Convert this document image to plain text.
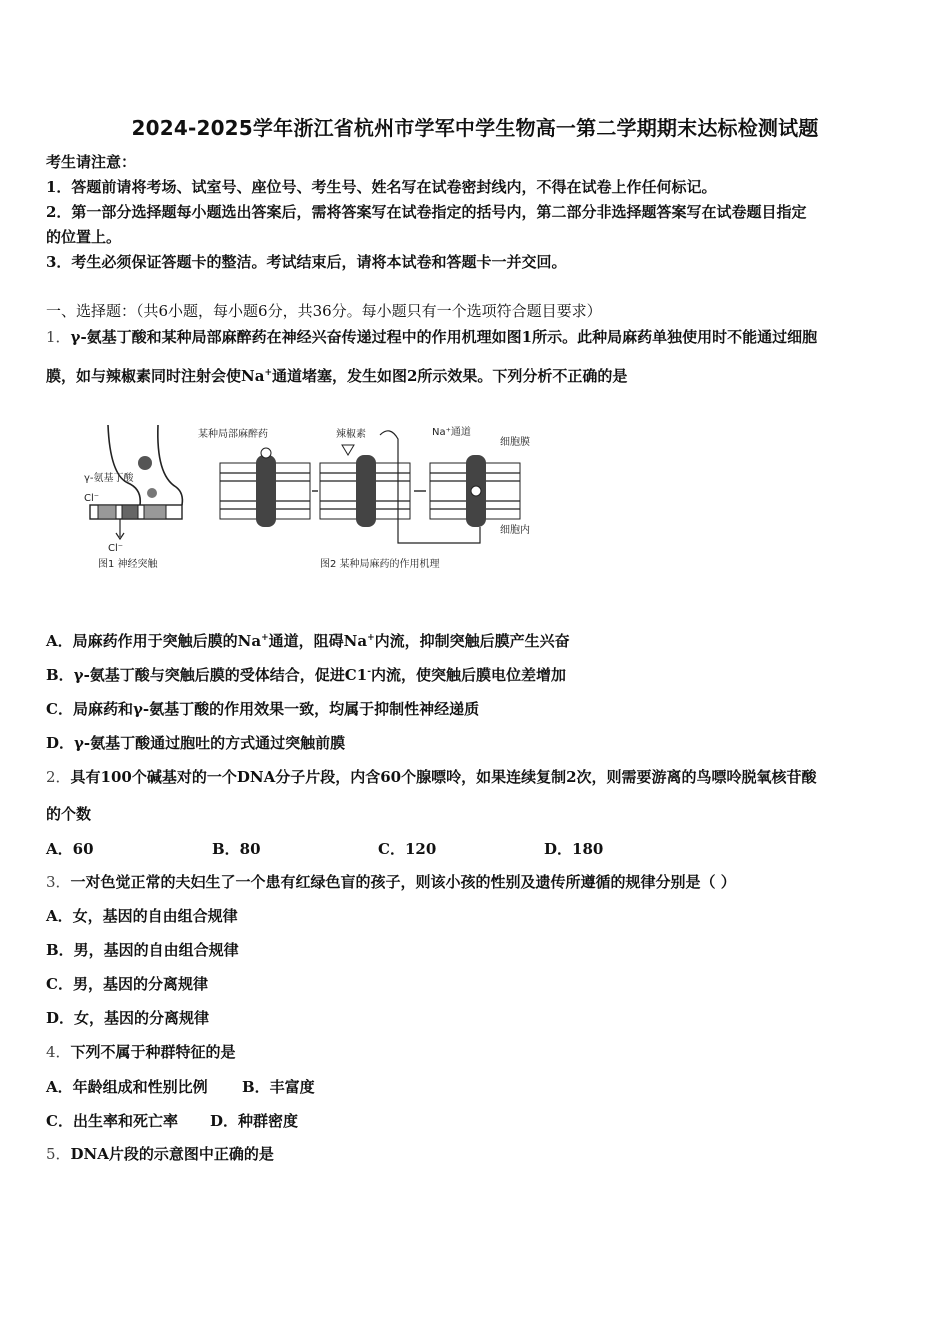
2024-2025学年浙江省杭州市学军中学生物高一第二学期期末达标检测试题
考生请注意：
1．答题前请将考场、试室号、座位号、考生号、姓名写在试卷密封线内，不得在试卷上作任何标记。
2．第一部分选择题每小题选出答案后，需将答案写在试卷指定的括号内，第二部分非选择题答案写在试卷题目指定
的位置上。
3．考生必须保证答题卡的整洁。考试结束后，请将本试卷和答题卡一并交回。
一、选择题：（共6小题，每小题6分，共36分。每小题只有一个选项符合题目要求）
1．γ-氨基丁酸和某种局部麻醉药在神经兴奋传递过程中的作用机理如图1所示。此种局麻药单独使用时不能通过细胞
膜，如与辣椒素同时注射会使Na+通道堵塞，发生如图2所示效果。下列分析不正确的是
γ-氨基丁酸
Cl⁻
Cl⁻
图1 神经突触
某种局部麻醉药	辣椒素	Na⁺通道
细胞膜
细胞内
图2 某种局麻药的作用机理
A．局麻药作用于突触后膜的Na+通道，阻碍Na+内流，抑制突触后膜产生兴奋
B．γ-氨基丁酸与突触后膜的受体结合，促进C1-内流，使突触后膜电位差增加
C．局麻药和γ-氨基丁酸的作用效果一致，均属于抑制性神经递质
D．γ-氨基丁酸通过胞吐的方式通过突触前膜
2．具有100个碱基对的一个DNA分子片段，内含60个腺嘌呤，如果连续复制2次，则需要游离的鸟嘌呤脱氧核苷酸
的个数
A．60	B．80	C．120	D．180
3．一对色觉正常的夫妇生了一个患有红绿色盲的孩子，则该小孩的性别及遗传所遵循的规律分别是（ ）
A．女，基因的自由组合规律
B．男，基因的自由组合规律
C．男，基因的分离规律
D．女，基因的分离规律
4．下列不属于种群特征的是
A．年龄组成和性别比例 B．丰富度
C．出生率和死亡率 D．种群密度
5．DNA片段的示意图中正确的是
